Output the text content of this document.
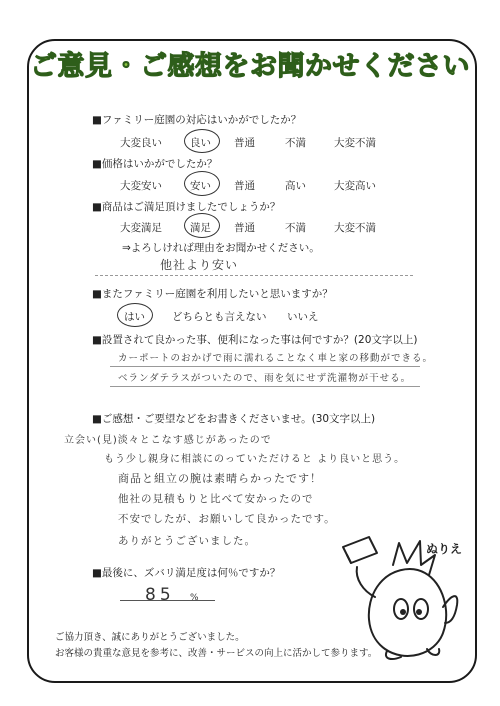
ご意見・ご感想をお聞かせください
■ファミリー庭園の対応はいかがでしたか？
大変良い	良い 普通	不満	大変不満
■価格はいかがでしたか？
大変安い	安い 普通	高い	大変高い
■商品はご満足頂けましたでしょうか？
大変満足	満足 普通	不満	大変不満
⇒よろしければ理由をお聞かせください。
他社より安い
■またファミリー庭園を利用したいと思いますか？
はい	どちらとも言えない いいえ
■設置されて良かった事、便利になった事は何ですか？(20文字以上)
カーポートのおかげで雨に濡れることなく車と家の移動ができる。
ベランダテラスがついたので、雨を気にせず洗濯物が干せる。
■ご感想・ご要望などをお書きくださいませ。(30文字以上)
立会い(見)淡々とこなす感じがあったので
もう少し親身に相談にのっていただけると より良いと思う。
商品と組立の腕は素晴らかったです！
他社の見積もりと比べて安かったので
不安でしたが、お願いして良かったです。
ありがとうございました。
■最後に、ズバリ満足度は何％ですか？
85 %
ご協力頂き、誠にありがとうございました。
お客様の貴重な意見を参考に、改善・サービスの向上に活かして参ります。
ぬりえ
